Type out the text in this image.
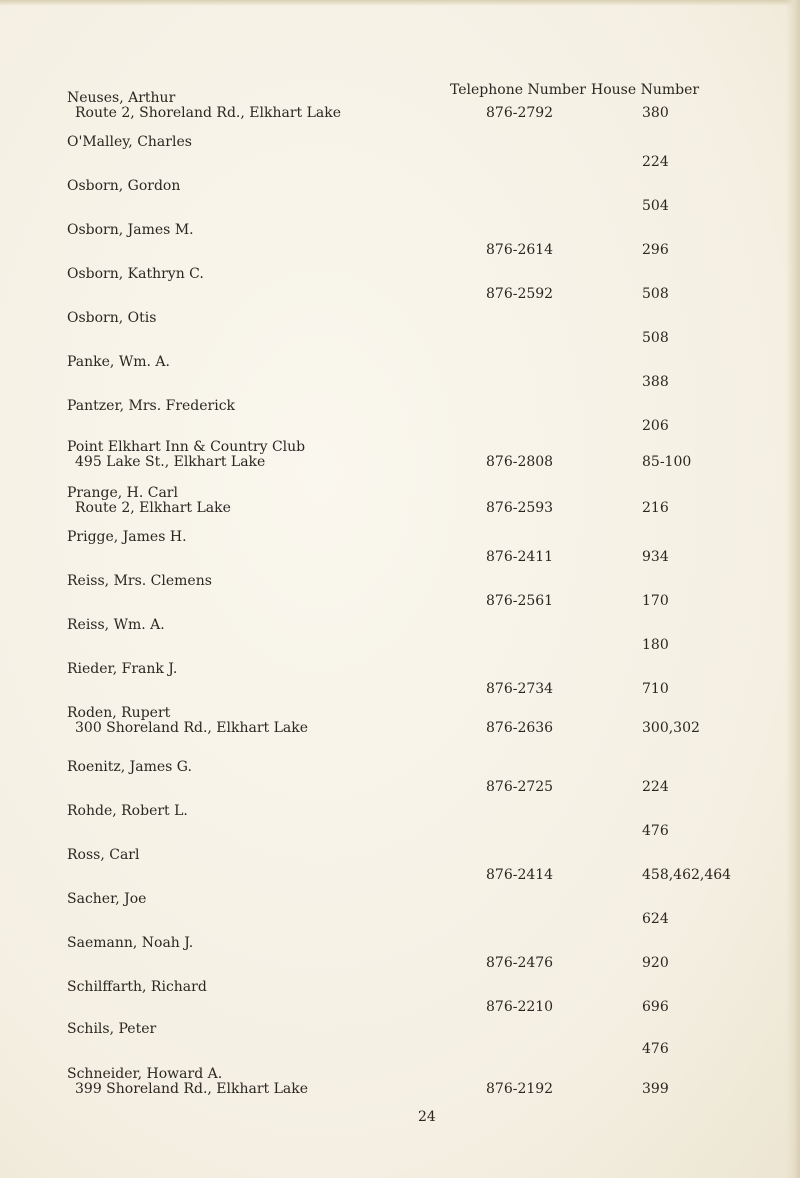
Telephone Number House Number
Neuses, Arthur
Route 2, Shoreland Rd., Elkhart Lake	876-2792	380
O'Malley, Charles
224
Osborn, Gordon
504
Osborn, James M.
876-2614	296
Osborn, Kathryn C.
876-2592	508
Osborn, Otis
508
Panke, Wm. A.
388
Pantzer, Mrs. Frederick
206
Point Elkhart Inn & Country Club
495 Lake St., Elkhart Lake	876-2808	85-100
Prange, H. Carl
Route 2, Elkhart Lake	876-2593	216
Prigge, James H.
876-2411	934
Reiss, Mrs. Clemens
876-2561	170
Reiss, Wm. A.
180
Rieder, Frank J.
876-2734	710
Roden, Rupert
300 Shoreland Rd., Elkhart Lake	876-2636	300,302
Roenitz, James G.
876-2725	224
Rohde, Robert L.
476
Ross, Carl
876-2414	458,462,464
Sacher, Joe
624
Saemann, Noah J.
876-2476	920
Schilffarth, Richard
876-2210	696
Schils, Peter
476
Schneider, Howard A.
399 Shoreland Rd., Elkhart Lake	876-2192	399
24
